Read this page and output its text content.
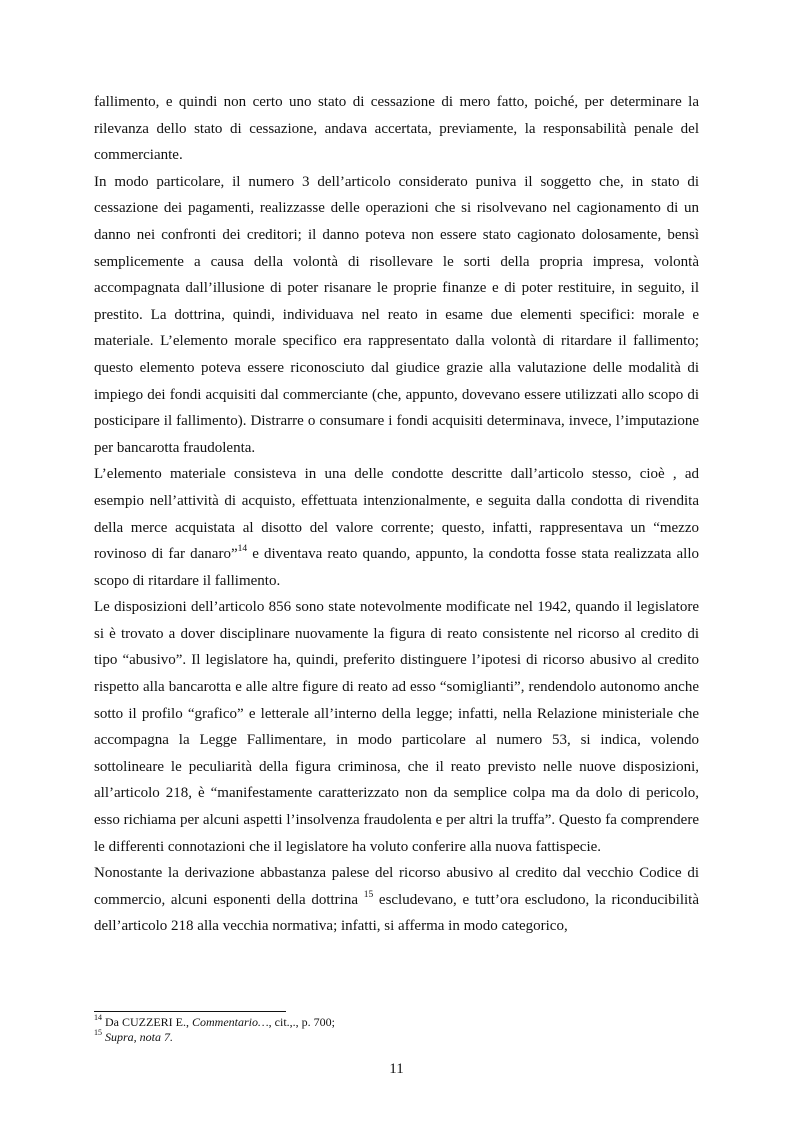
fallimento, e quindi non certo uno stato di cessazione di mero fatto, poiché, per determinare la rilevanza dello stato di cessazione, andava accertata, previamente, la responsabilità penale del commerciante.

In modo particolare, il numero 3 dell’articolo considerato puniva il soggetto che, in stato di cessazione dei pagamenti, realizzasse delle operazioni che si risolvevano nel cagionamento di un danno nei confronti dei creditori; il danno poteva non essere stato cagionato dolosamente, bensì semplicemente a causa della volontà di risollevare le sorti della propria impresa, volontà accompagnata dall’illusione di poter risanare le proprie finanze e di poter restituire, in seguito, il prestito. La dottrina, quindi, individuava nel reato in esame due elementi specifici: morale e materiale. L’elemento morale specifico era rappresentato dalla volontà di ritardare il fallimento; questo elemento poteva essere riconosciuto dal giudice grazie alla valutazione delle modalità di impiego dei fondi acquisiti dal commerciante (che, appunto, dovevano essere utilizzati allo scopo di posticipare il fallimento). Distrarre o consumare i fondi acquisiti determinava, invece, l’imputazione per bancarotta fraudolenta.

L’elemento materiale consisteva in una delle condotte descritte dall’articolo stesso, cioè , ad esempio nell’attività di acquisto, effettuata intenzionalmente, e seguita dalla condotta di rivendita della merce acquistata al disotto del valore corrente; questo, infatti, rappresentava un “mezzo rovinoso di far danaro”$^{14}$ e diventava reato quando, appunto, la condotta fosse stata realizzata allo scopo di ritardare il fallimento.

Le disposizioni dell’articolo 856 sono state notevolmente modificate nel 1942, quando il legislatore si è trovato a dover disciplinare nuovamente la figura di reato consistente nel ricorso al credito di tipo “abusivo”. Il legislatore ha, quindi, preferito distinguere l’ipotesi di ricorso abusivo al credito rispetto alla bancarotta e alle altre figure di reato ad esso “somiglianti”, rendendolo autonomo anche sotto il profilo “grafico” e letterale all’interno della legge; infatti, nella Relazione ministeriale che accompagna la Legge Fallimentare, in modo particolare al numero 53, si indica, volendo sottolineare le peculiarità della figura criminosa, che il reato previsto nelle nuove disposizioni, all’articolo 218, è “manifestamente caratterizzato non da semplice colpa ma da dolo di pericolo, esso richiama per alcuni aspetti l’insolvenza fraudolenta e per altri la truffa”. Questo fa comprendere le differenti connotazioni che il legislatore ha voluto conferire alla nuova fattispecie.

Nonostante la derivazione abbastanza palese del ricorso abusivo al credito dal vecchio Codice di commercio, alcuni esponenti della dottrina $^{15}$ escludevano, e tutt’ora escludono, la riconducibilità dell’articolo 218 alla vecchia normativa; infatti, si afferma in modo categorico,

$^{14}$ Da CUZZERI E., Commentario…, cit.,., p. 700;
$^{15}$ Supra, nota 7.
11
